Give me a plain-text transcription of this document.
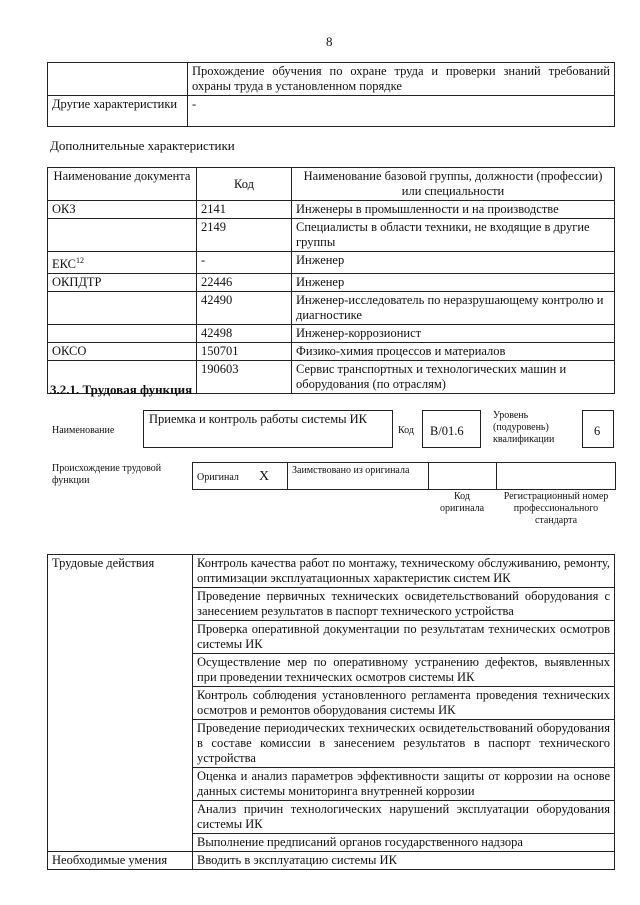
8
	Прохождение обучения по охране труда и проверки знаний требований охраны труда в установленном порядке
Другие характеристики	-
Дополнительные характеристики
Наименование документа	Код	Наименование базовой группы, должности (профессии) или специальности
ОКЗ	2141	Инженеры в промышленности и на производстве
	2149	Специалисты в области техники, не входящие в другие группы
ЕКС$^{12}$	-	Инженер
ОКПДТР	22446	Инженер
	42490	Инженер-исследователь по неразрушающему контролю и диагностике
	42498	Инженер-коррозионист
ОКСО	150701	Физико-химия процессов и материалов
	190603	Сервис транспортных и технологических машин и оборудования (по отраслям)
3.2.1. Трудовая функция
Наименование
Приемка и контроль работы системы ИК
Код В/01.6
Уровень (подуровень) квалификации
6
Происхождение трудовой функции	Оригинал X Заимствовано из оригинала
Код оригинала
Регистрационный номер профессионального стандарта
Трудовые действия	Контроль качества работ по монтажу, техническому обслуживанию, ремонту, оптимизации эксплуатационных характеристик систем ИК
	Проведение первичных технических освидетельствований оборудования с занесением результатов в паспорт технического устройства
	Проверка оперативной документации по результатам технических осмотров системы ИК
	Осуществление мер по оперативному устранению дефектов, выявленных при проведении технических осмотров системы ИК
	Контроль соблюдения установленного регламента проведения технических осмотров и ремонтов оборудования системы ИК
	Проведение периодических технических освидетельствований оборудования в составе комиссии в занесением результатов в паспорт технического устройства
	Оценка и анализ параметров эффективности защиты от коррозии на основе данных системы мониторинга внутренней коррозии
	Анализ причин технологических нарушений эксплуатации оборудования системы ИК
	Выполнение предписаний органов государственного надзора
Необходимые умения	Вводить в эксплуатацию системы ИК
